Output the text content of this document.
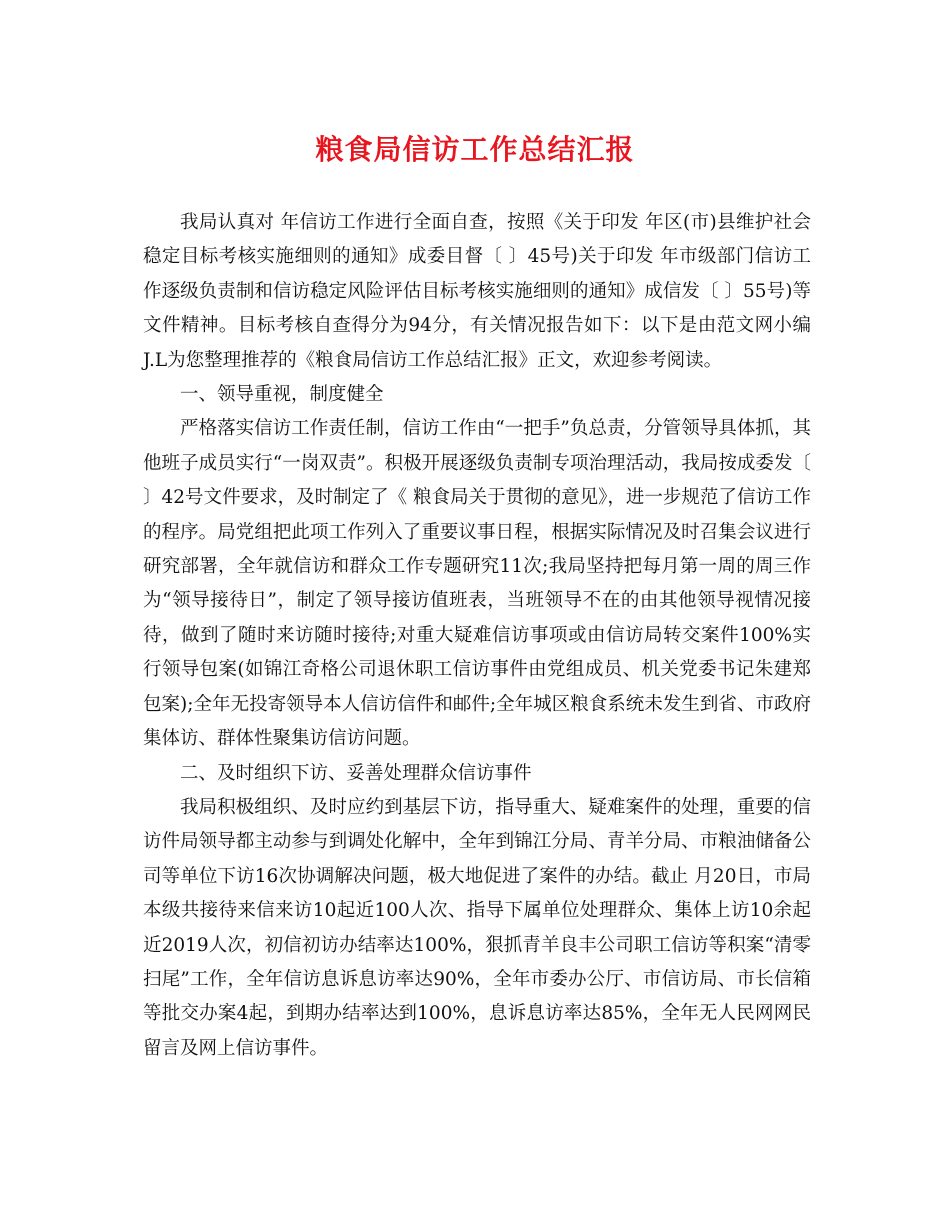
粮食局信访工作总结汇报

我局认真对 年信访工作进行全面自查，按照《关于印发 年区(市)县维护社会稳定目标考核实施细则的通知》成委目督〔 〕45号)关于印发 年市级部门信访工作逐级负责制和信访稳定风险评估目标考核实施细则的通知》成信发〔 〕55号)等文件精神。目标考核自查得分为94分，有关情况报告如下：以下是由范文网小编J.L为您整理推荐的《粮食局信访工作总结汇报》正文，欢迎参考阅读。

一、领导重视，制度健全

严格落实信访工作责任制，信访工作由“一把手”负总责，分管领导具体抓，其他班子成员实行“一岗双责”。积极开展逐级负责制专项治理活动，我局按成委发〔 〕42号文件要求，及时制定了《 粮食局关于贯彻的意见》，进一步规范了信访工作的程序。局党组把此项工作列入了重要议事日程，根据实际情况及时召集会议进行研究部署，全年就信访和群众工作专题研究11次;我局坚持把每月第一周的周三作为“领导接待日”，制定了领导接访值班表，当班领导不在的由其他领导视情况接待，做到了随时来访随时接待;对重大疑难信访事项或由信访局转交案件100%实行领导包案(如锦江奇格公司退休职工信访事件由党组成员、机关党委书记朱建郑包案);全年无投寄领导本人信访信件和邮件;全年城区粮食系统未发生到省、市政府集体访、群体性聚集访信访问题。

二、及时组织下访、妥善处理群众信访事件

我局积极组织、及时应约到基层下访，指导重大、疑难案件的处理，重要的信访件局领导都主动参与到调处化解中，全年到锦江分局、青羊分局、市粮油储备公司等单位下访16次协调解决问题，极大地促进了案件的办结。截止 月20日，市局本级共接待来信来访10起近100人次、指导下属单位处理群众、集体上访10余起近2019人次，初信初访办结率达100%，狠抓青羊良丰公司职工信访等积案“清零扫尾”工作，全年信访息诉息访率达90%，全年市委办公厅、市信访局、市长信箱等批交办案4起，到期办结率达到100%，息诉息访率达85%，全年无人民网网民留言及网上信访事件。
